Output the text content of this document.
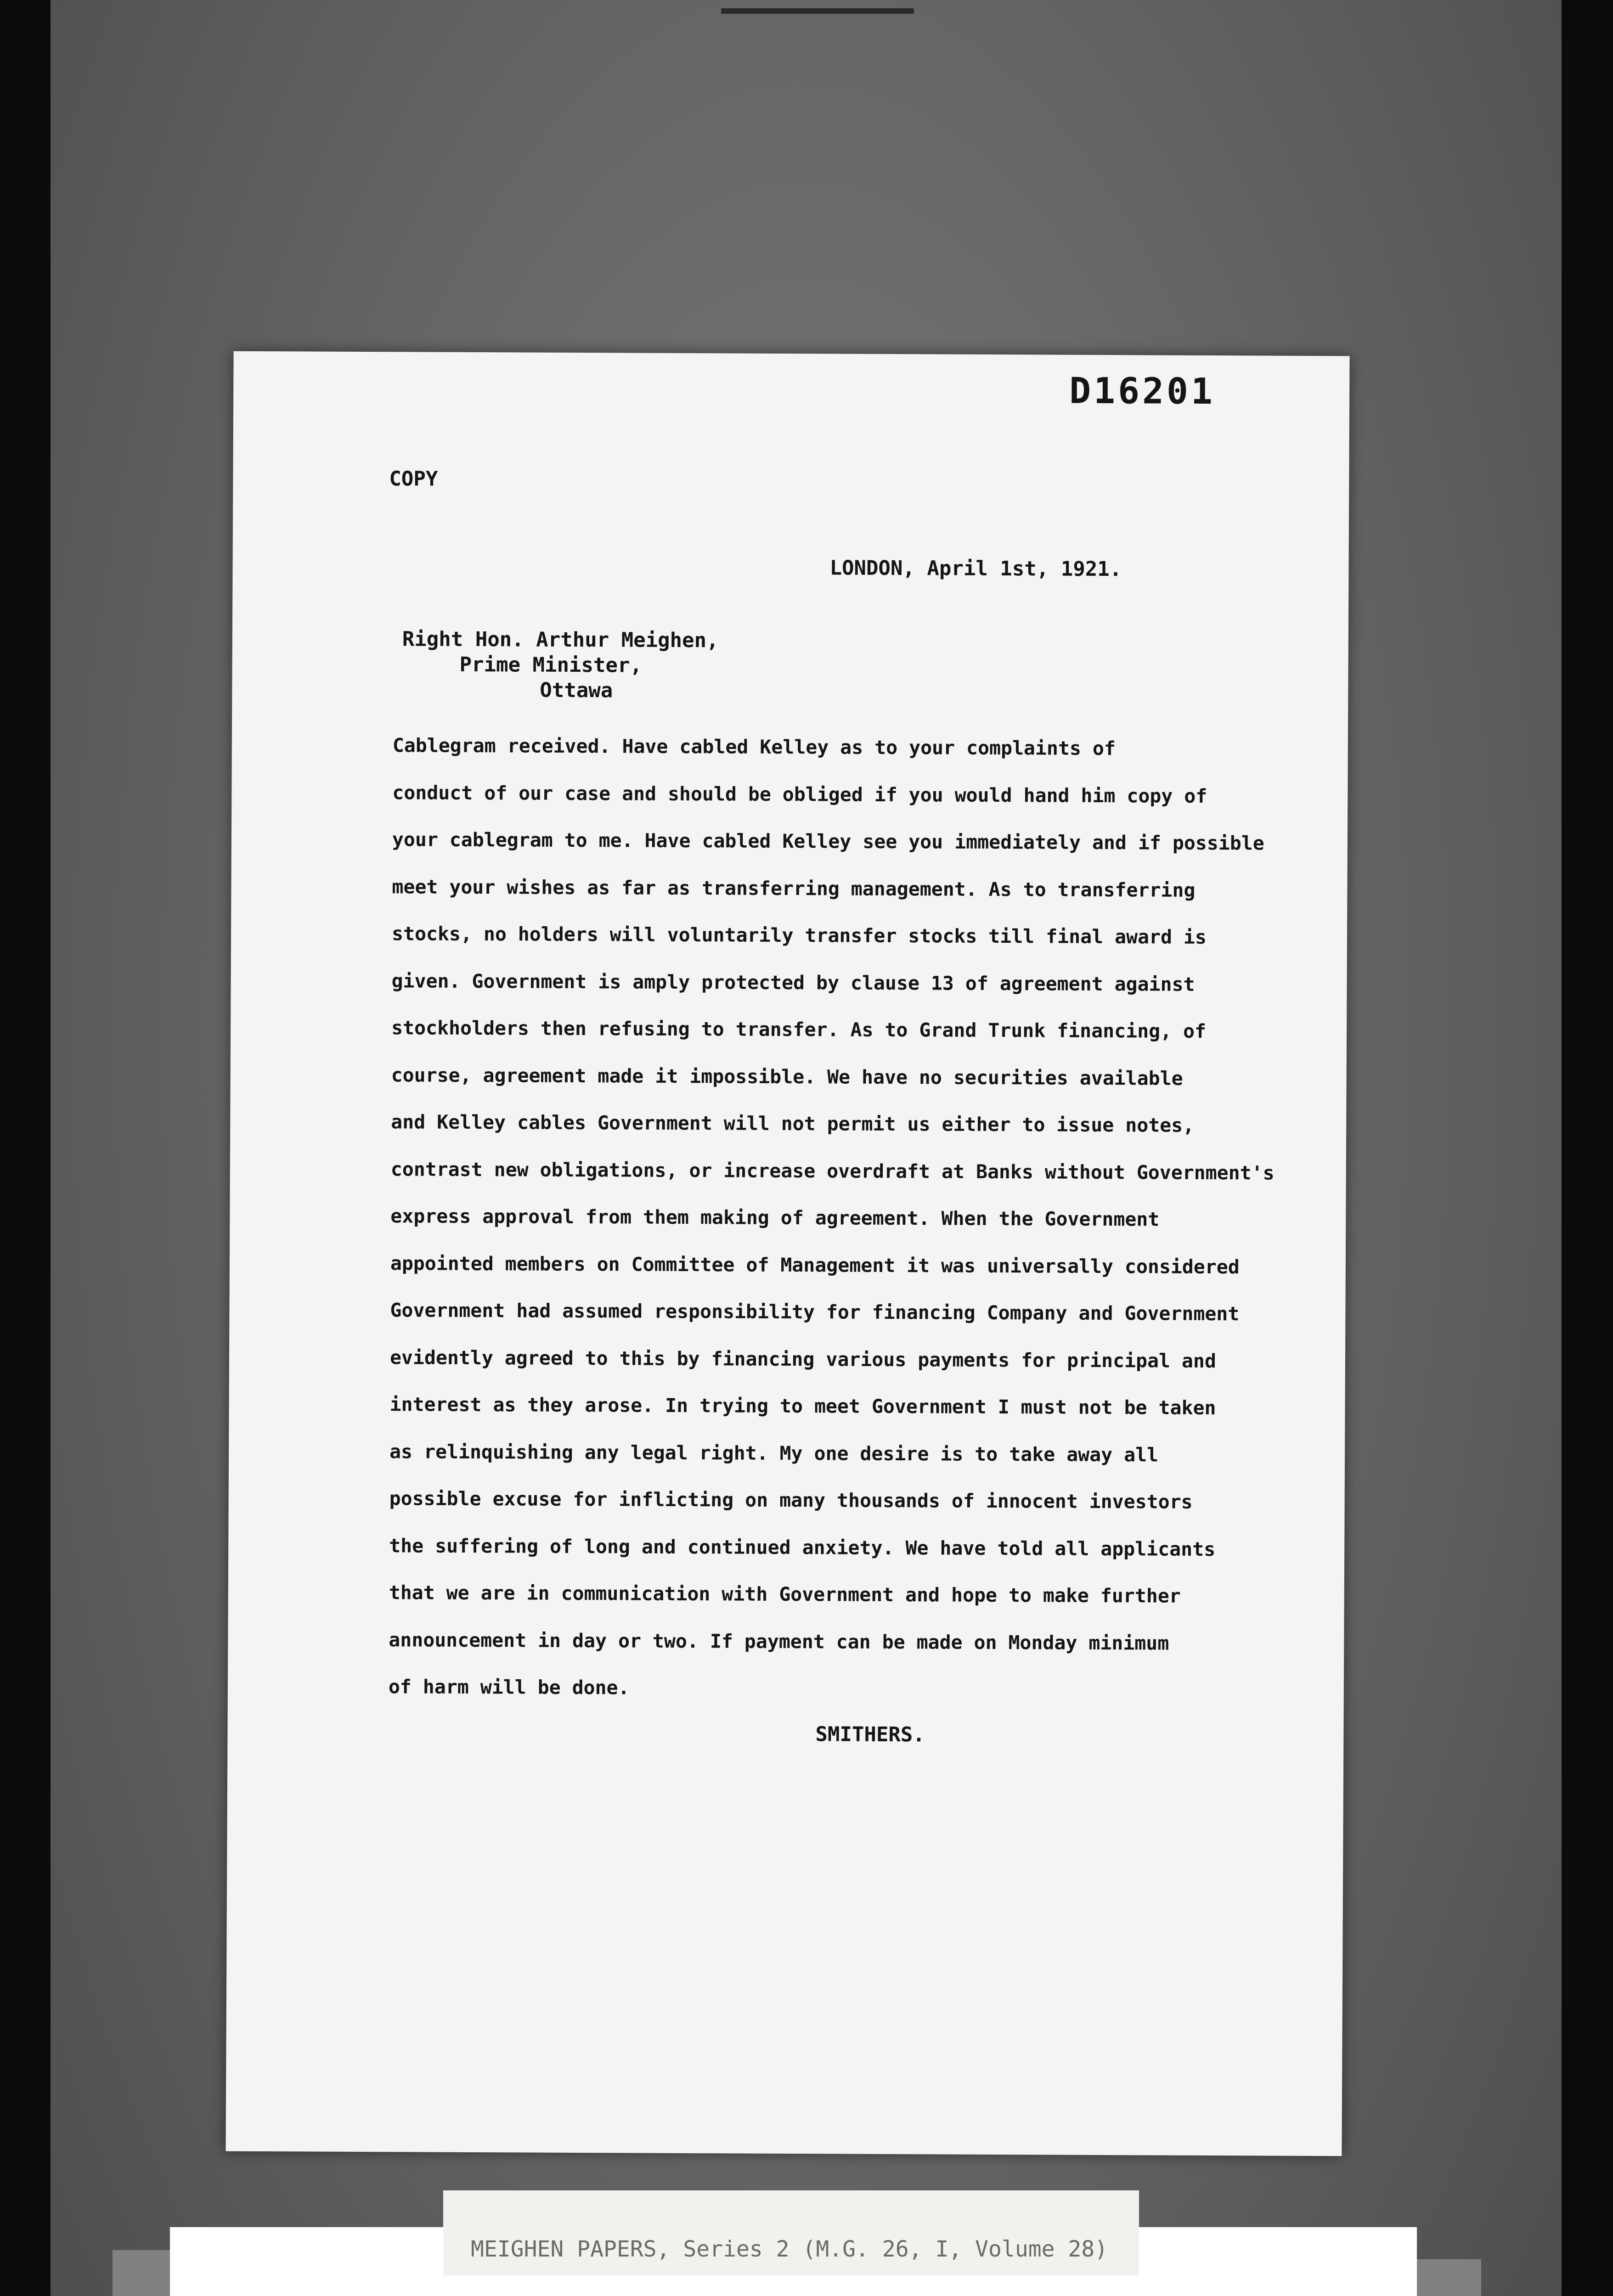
D16201
COPY
LONDON, April 1st, 1921.
Right Hon. Arthur Meighen,
Prime Minister,
Ottawa
Cablegram received. Have cabled Kelley as to your complaints of
conduct of our case and should be obliged if you would hand him copy of
your cablegram to me. Have cabled Kelley see you immediately and if possible
meet your wishes as far as transferring management. As to transferring
stocks, no holders will voluntarily transfer stocks till final award is
given. Government is amply protected by clause 13 of agreement against
stockholders then refusing to transfer. As to Grand Trunk financing, of
course, agreement made it impossible. We have no securities available
and Kelley cables Government will not permit us either to issue notes,
contrast new obligations, or increase overdraft at Banks without Government's
express approval from them making of agreement. When the Government
appointed members on Committee of Management it was universally considered
Government had assumed responsibility for financing Company and Government
evidently agreed to this by financing various payments for principal and
interest as they arose. In trying to meet Government I must not be taken
as relinquishing any legal right. My one desire is to take away all
possible excuse for inflicting on many thousands of innocent investors
the suffering of long and continued anxiety. We have told all applicants
that we are in communication with Government and hope to make further
announcement in day or two. If payment can be made on Monday minimum
of harm will be done.
SMITHERS.
MEIGHEN PAPERS, Series 2 (M.G. 26, I, Volume 28)
